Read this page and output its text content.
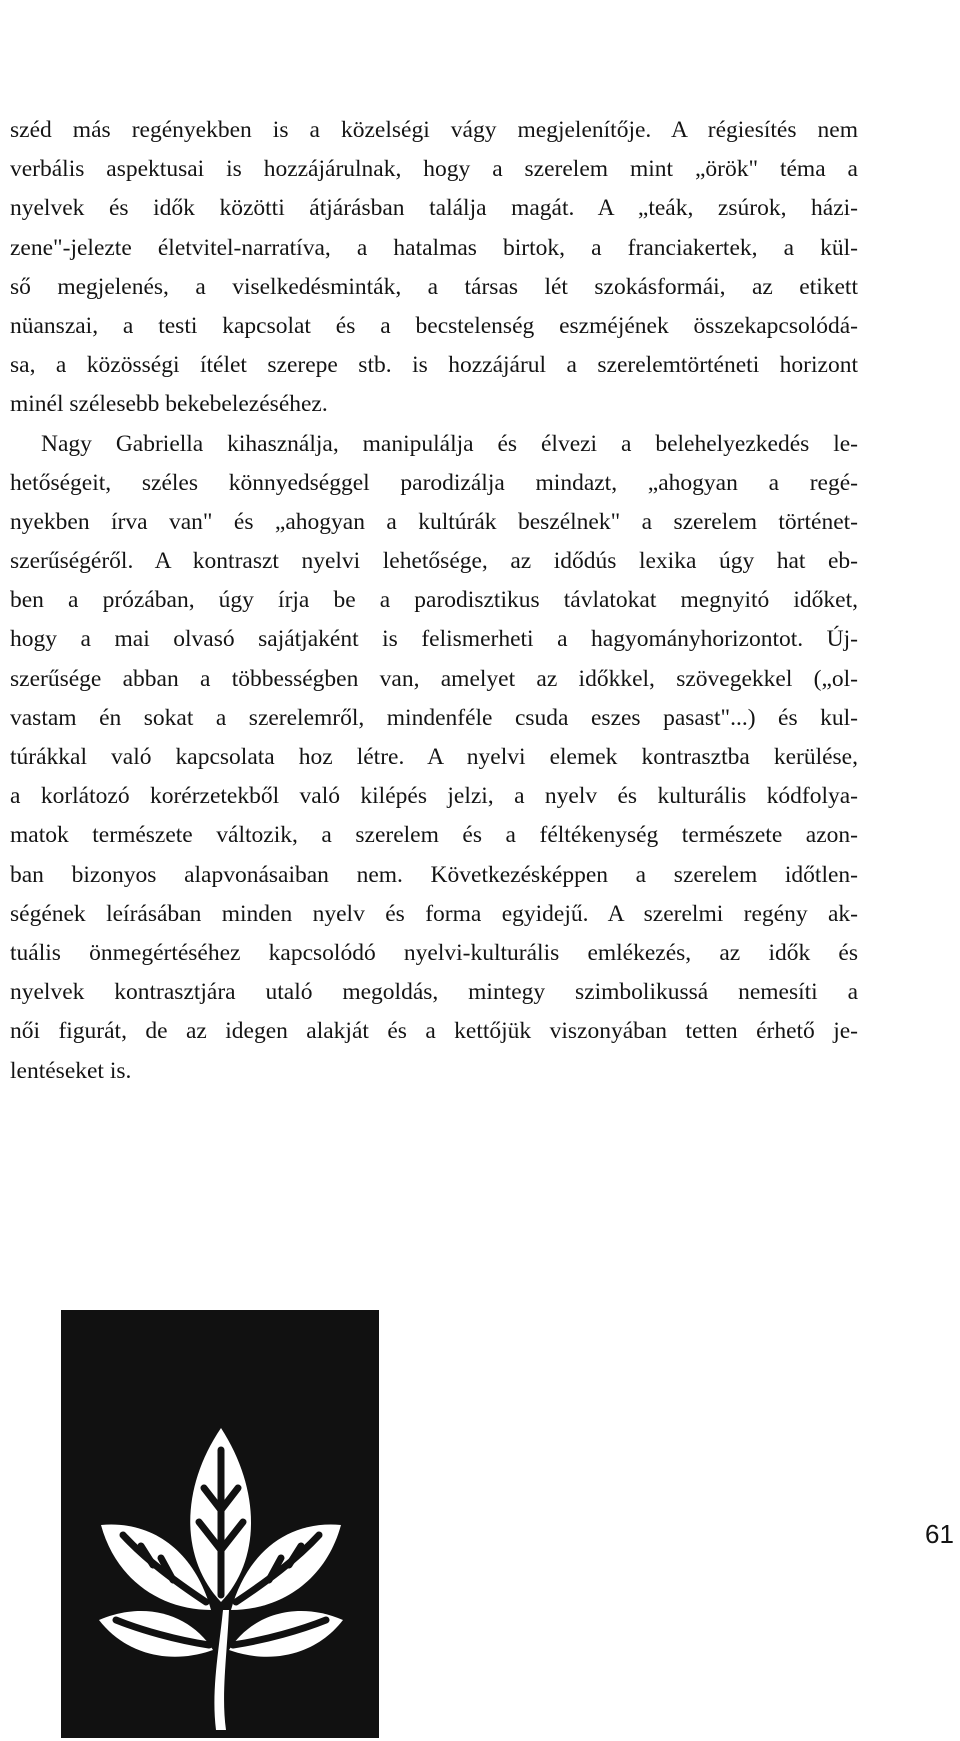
széd más regényekben is a közelségi vágy megjelenítője. A régiesítés nem
verbális aspektusai is hozzájárulnak, hogy a szerelem mint „örök" téma a
nyelvek és idők közötti átjárásban találja magát. A „teák, zsúrok, házi-
zene"-jelezte életvitel-narratíva, a hatalmas birtok, a franciakertek, a kül-
ső megjelenés, a viselkedésminták, a társas lét szokásformái, az etikett
nüanszai, a testi kapcsolat és a becstelenség eszméjének összekapcsolódá-
sa, a közösségi ítélet szerepe stb. is hozzájárul a szerelemtörténeti horizont
minél szélesebb bekebelezéséhez.
Nagy Gabriella kihasználja, manipulálja és élvezi a belehelyezkedés le-
hetőségeit, széles könnyedséggel parodizálja mindazt, „ahogyan a regé-
nyekben írva van" és „ahogyan a kultúrák beszélnek" a szerelem történet-
szerűségéről. A kontraszt nyelvi lehetősége, az idődús lexika úgy hat eb-
ben a prózában, úgy írja be a parodisztikus távlatokat megnyitó időket,
hogy a mai olvasó sajátjaként is felismerheti a hagyományhorizontot. Új-
szerűsége abban a többességben van, amelyet az időkkel, szövegekkel („ol-
vastam én sokat a szerelemről, mindenféle csuda eszes pasast"...) és kul-
túrákkal való kapcsolata hoz létre. A nyelvi elemek kontrasztba kerülése,
a korlátozó korérzetekből való kilépés jelzi, a nyelv és kulturális kódfolya-
matok természete változik, a szerelem és a féltékenység természete azon-
ban bizonyos alapvonásaiban nem. Következésképpen a szerelem időtlen-
ségének leírásában minden nyelv és forma egyidejű. A szerelmi regény ak-
tuális önmegértéséhez kapcsolódó nyelvi-kulturális emlékezés, az idők és
nyelvek kontrasztjára utaló megoldás, mintegy szimbolikussá nemesíti a
női figurát, de az idegen alakját és a kettőjük viszonyában tetten érhető je-
lentéseket is.
61
